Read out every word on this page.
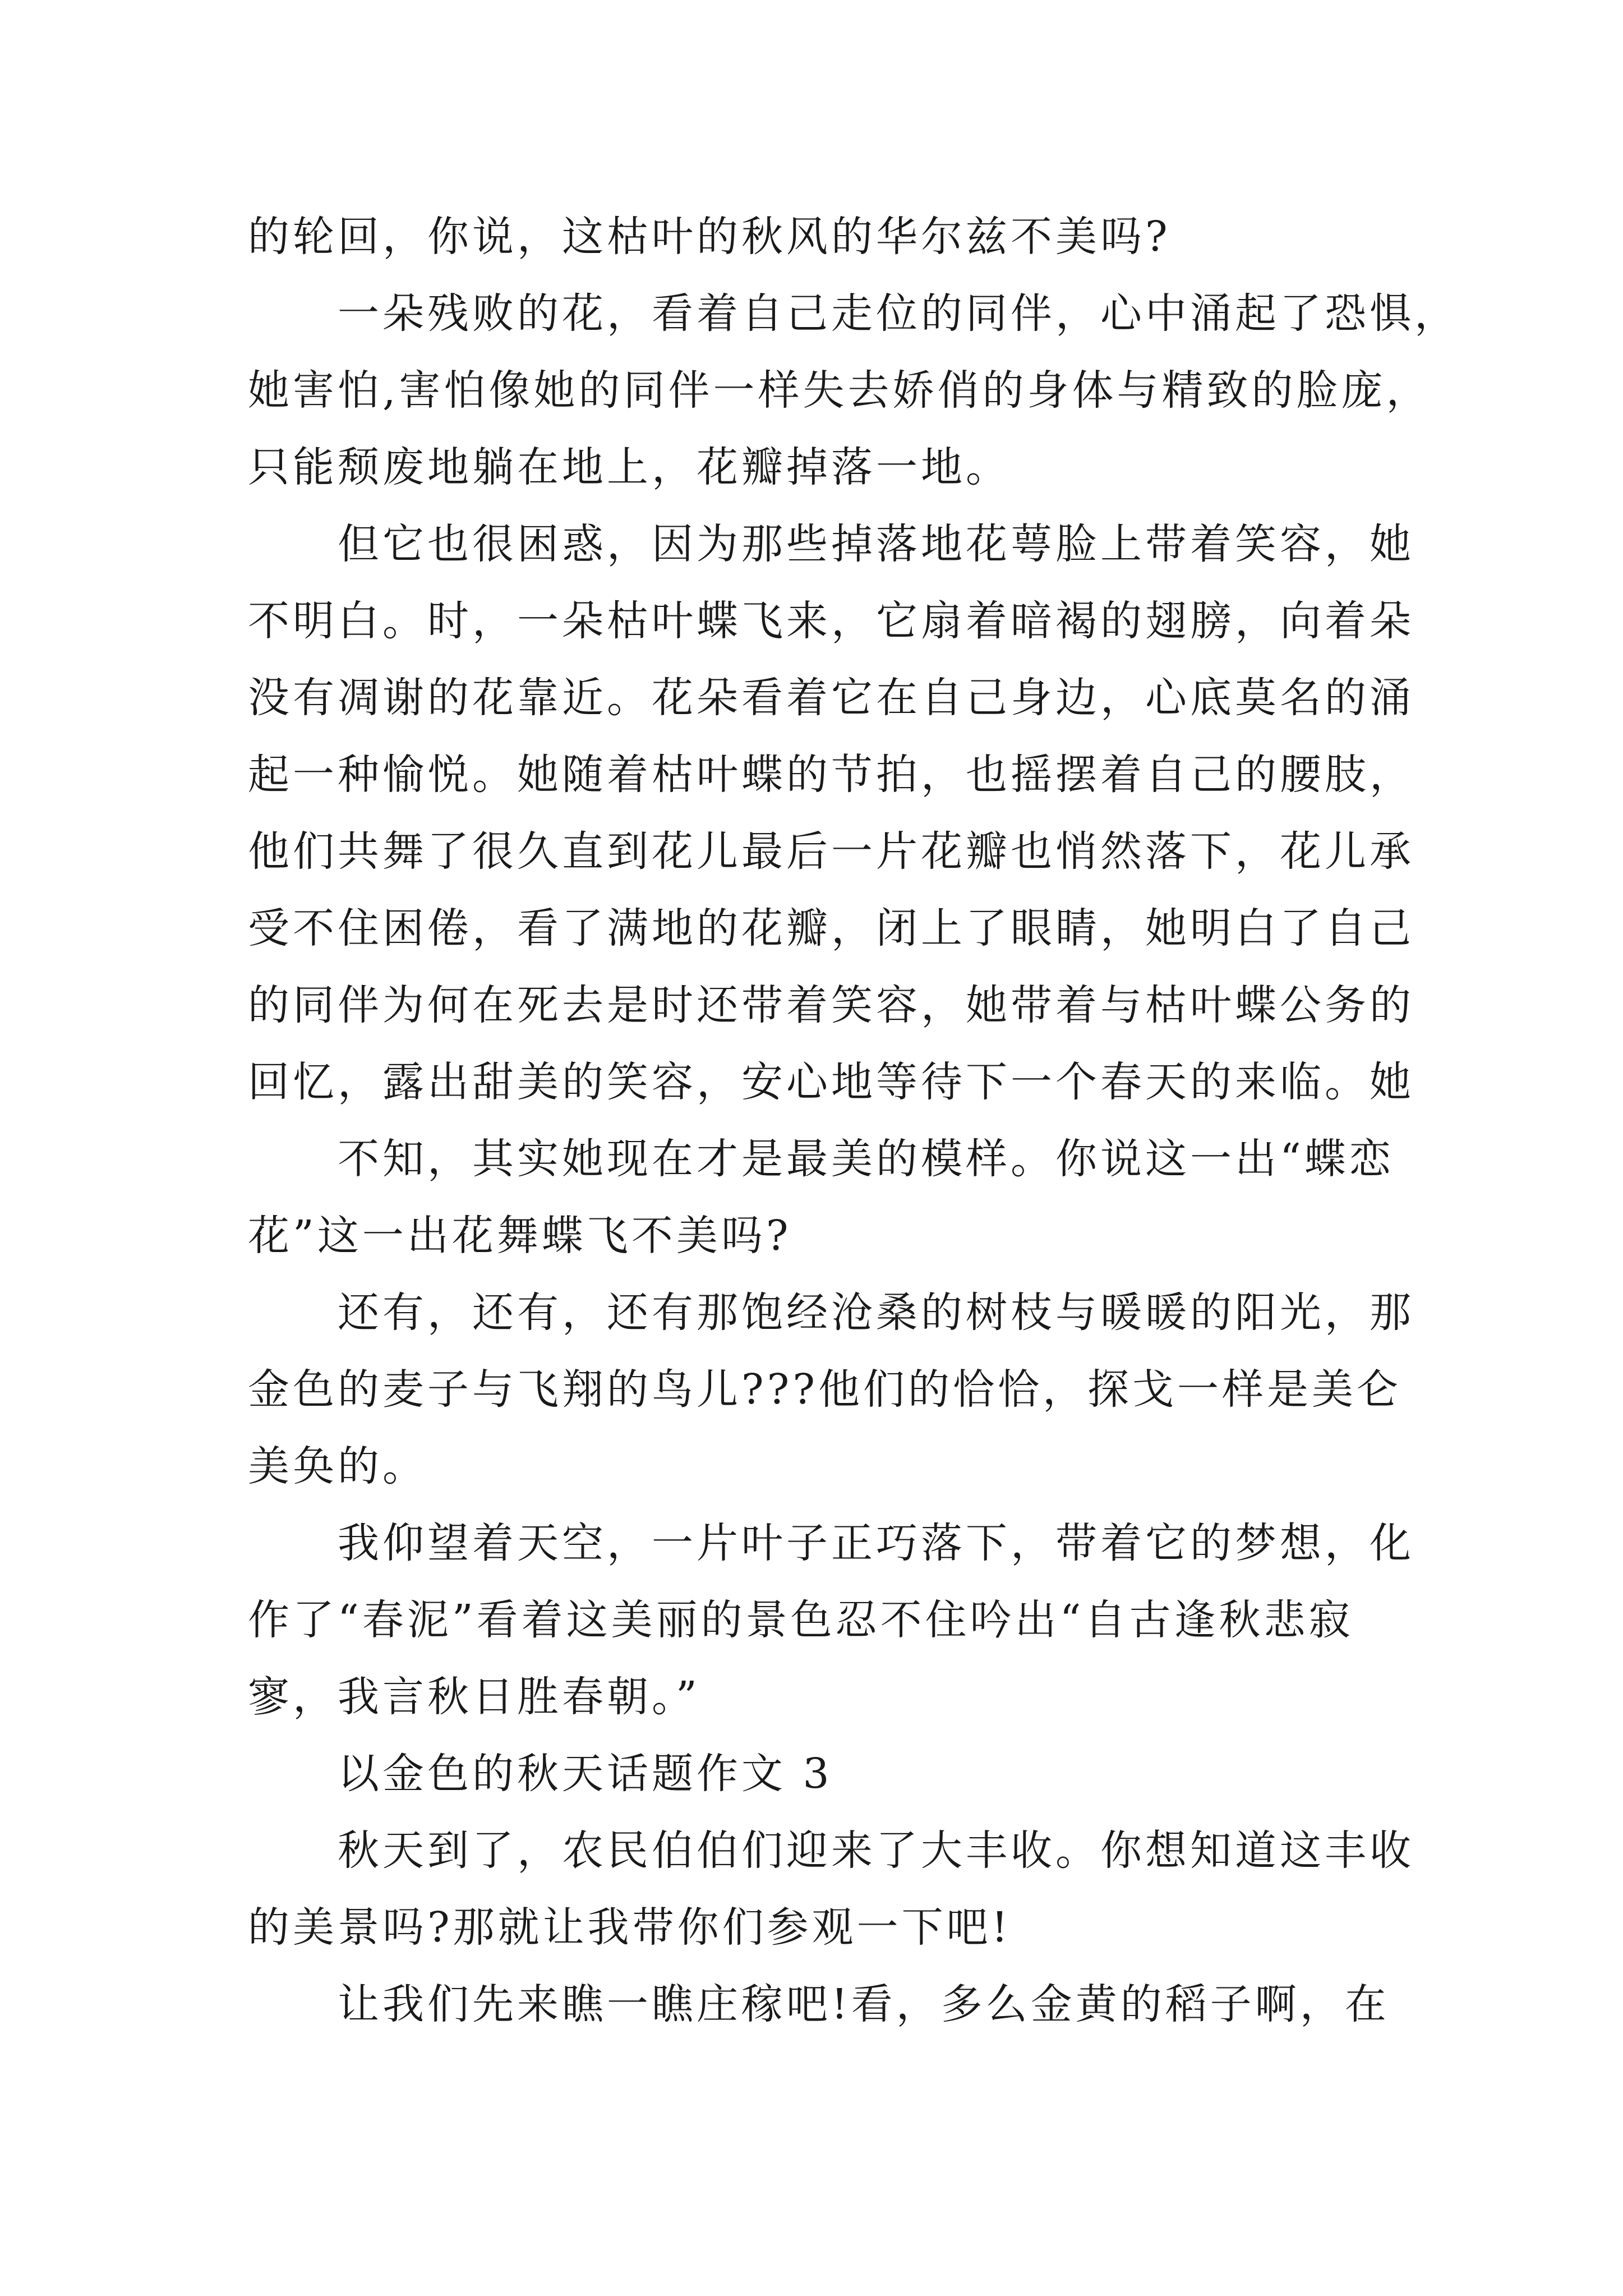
的轮回，你说，这枯叶的秋风的华尔兹不美吗?
一朵残败的花，看着自己走位的同伴，心中涌起了恐惧，
她害怕,害怕像她的同伴一样失去娇俏的身体与精致的脸庞，
只能颓废地躺在地上，花瓣掉落一地。
但它也很困惑，因为那些掉落地花萼脸上带着笑容，她
不明白。时，一朵枯叶蝶飞来，它扇着暗褐的翅膀，向着朵
没有凋谢的花靠近。花朵看着它在自己身边，心底莫名的涌
起一种愉悦。她随着枯叶蝶的节拍，也摇摆着自己的腰肢，
他们共舞了很久直到花儿最后一片花瓣也悄然落下，花儿承
受不住困倦，看了满地的花瓣，闭上了眼睛，她明白了自己
的同伴为何在死去是时还带着笑容，她带着与枯叶蝶公务的
回忆，露出甜美的笑容，安心地等待下一个春天的来临。她
不知，其实她现在才是最美的模样。你说这一出“蝶恋
花”这一出花舞蝶飞不美吗?
还有，还有，还有那饱经沧桑的树枝与暖暖的阳光，那
金色的麦子与飞翔的鸟儿???他们的恰恰，探戈一样是美仑
美奂的。
我仰望着天空，一片叶子正巧落下，带着它的梦想，化
作了“春泥”看着这美丽的景色忍不住吟出“自古逢秋悲寂
寥，我言秋日胜春朝。”
以金色的秋天话题作文 3
秋天到了，农民伯伯们迎来了大丰收。你想知道这丰收
的美景吗?那就让我带你们参观一下吧!
让我们先来瞧一瞧庄稼吧!看，多么金黄的稻子啊，在
